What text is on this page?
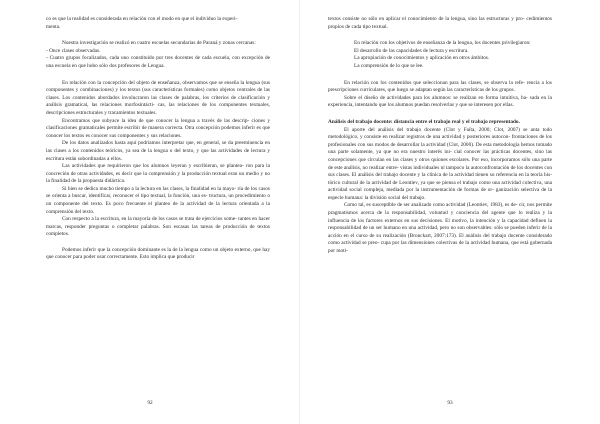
co es que la realidad es considerada en relación con el modo en que el individuo la experi-

menta.

Nuestra investigación se realizó en cuatro escuelas secundarias de Paraná y zonas cercanas:

- Once clases observadas.

- Cuatro grupos focalizados, cada uno constituido por tres docentes de cada escuela, con excepción de una escuela en que hubo sólo dos profesores de Lengua.

En relación con la concepción del objeto de enseñanza, observamos que se enseña la lengua (sus componentes y combinaciones) y los textos (sus características formales) como objetos centrales de las clases. Los contenidos abordados involucraron las clases de palabras, los criterios de clasificación y análisis gramatical, las relaciones morfosintácti- cas, las relaciones de los componentes textuales, descripciones estructurales y tracamientos textuales.

Encontramos que subyace la idea de que conocer la lengua a través de las descrip- ciones y clasificaciones gramaticales permite escribir de manera correcta. Otra concepción podemos inferir es que conocer los textos es conocer sus componentes y sus relaciones.

De los datos analizados hasta aquí podríamos interpretar que, en general, se da preeminencia en las clases a los contenidos teóricos, ya sea de la lengua o del texto, y que las actividades de lectura y escritura están subordinadas a ellos.

Las actividades que requirieron que los alumnos leyeran y escribieran, se plantea- ron para la concreción de otras actividades, es decir que la comprensión y la producción textual eran un medio y no la finalidad de la propuesta didáctica.

Si bien se dedica mucho tiempo a la lectura en las clases, la finalidad en la mayo- ría de los casos se orienta a buscar, identificar, reconocer el tipo textual, la función, una es- tructura, un procedimiento o un componente del texto. Es poco frecuente el planteo de la actividad de la lectura orientada a la comprensión del texto.

Con respecto a la escritura, en la mayoría de los casos se trata de ejercicios some- tantes en hacer marcas, responder preguntas o completar palabras. Son escasas las tareas de producción de textos completos.

Podemos inferir que la concepción dominante es la de la lengua como un objeto externo, que hay que conocer para poder usar correctamente. Esto implica que producir

92

textos consiste no sólo en aplicar el conocimiento de la lengua, sino las estructuras y pro- cedimientos propios de cada tipo textual.

En relación con los objetivos de enseñanza de la lengua, los docentes privilegiaron:

El desarrollo de las capacidades de lectura y escritura.

La apropiación de conocimientos y aplicación en otros ámbitos.

La comprensión de lo que se lee.

En relación con los contenidos que seleccionan para las clases, se observa la refe- rencia a los prescripciones curriculares, que luego se adaptan según las características de los grupos.

Sobre el diseño de actividades para los alumnos: se realizan en forma intuitiva, ba- sada en la experiencia, intentando que los alumnos puedan resolverlas y que se interesen por ellas.

Análisis del trabajo docente: distancia entre el trabajo real y el trabajo representado.

El aporte del análisis del trabajo docente (Clot y Faïta, 2000; Clot, 2007) se anta todo metodológico, y consiste en realizar registros de una actividad y posteriores autocon- frontaciones de los profesionales con sus modos de desarrollar la actividad (Clot, 2000). De esta metodología hemos tomado una parte solamente, ya que no era nuestro interés ini- cial conocer las prácticas docentes, sino las concepciones que circulan en las clases y otros quiones escolares. Por eso, incorporamos sólo una parte de este análisis, no realizar entre- vistas individuales ni tampoco la autoconfrontación de los docentes con sus clases. El análisis del trabajo docente y la clínica de la actividad tienen su referencia en la teoría his- tórico cultural de la actividad de Leontiev, ya que se piensa el trabajo como una actividad colectiva, una actividad social compleja, mediada por la instrumentación de formas de or- ganización selectiva de la especie humana: la división social del trabajo.

Como tal, es susceptible de ser analizado como actividad (Leontiev, 1983), es de- cir, nos permite pragmatismos acerca de la responsabilidad, voluntad y conciencia del agente que lo realiza y la influencia de los factores externos en sus decisiones. El motivo, la intención y la capacidad definen la responsabilidad de un ser humano en una actividad, pero no son observables: sólo se pueden inferir de la acción en el curso de su realización (Bronckart, 2007:173). El análisis del trabajo docente considerado como actividad se preo- cupa por las dimensiones colectivas de la actividad humana, que está gobernada por moti-

93
